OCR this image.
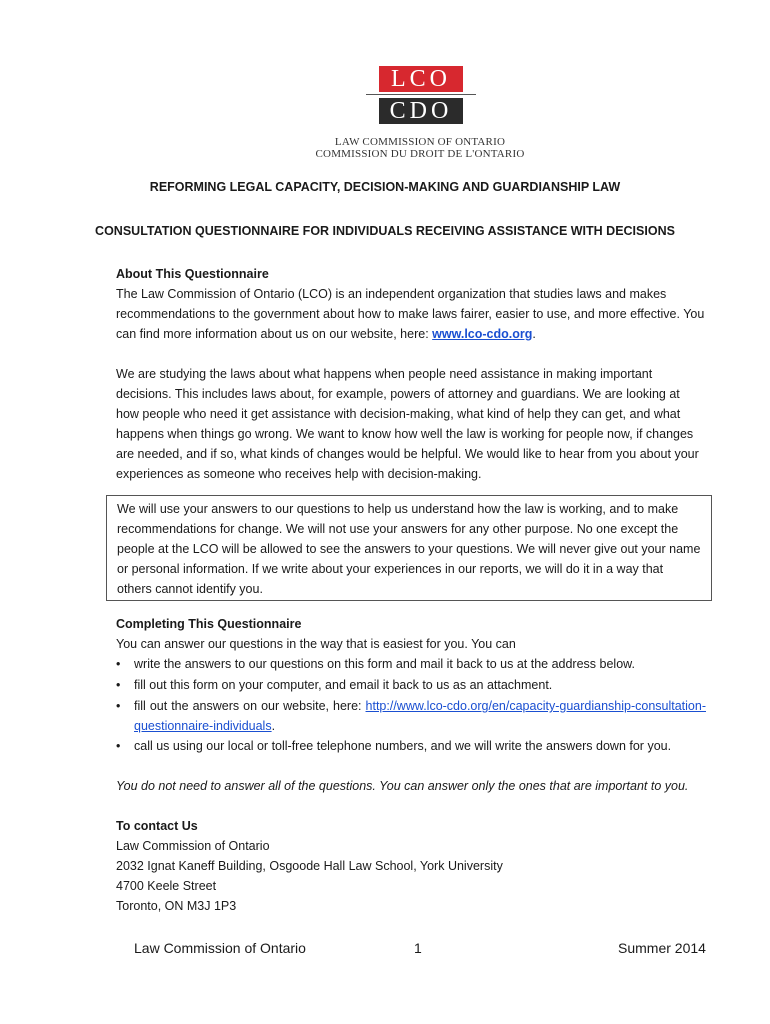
LCO
CDO
LAW COMMISSION OF ONTARIO
COMMISSION DU DROIT DE L'ONTARIO
REFORMING LEGAL CAPACITY, DECISION-MAKING AND GUARDIANSHIP LAW
CONSULTATION QUESTIONNAIRE FOR INDIVIDUALS RECEIVING ASSISTANCE WITH DECISIONS
About This Questionnaire
The Law Commission of Ontario (LCO) is an independent organization that studies laws and makes recommendations to the government about how to make laws fairer, easier to use, and more effective. You can find more information about us on our website, here: www.lco-cdo.org.
We are studying the laws about what happens when people need assistance in making important decisions. This includes laws about, for example, powers of attorney and guardians. We are looking at how people who need it get assistance with decision-making, what kind of help they can get, and what happens when things go wrong. We want to know how well the law is working for people now, if changes are needed, and if so, what kinds of changes would be helpful. We would like to hear from you about your experiences as someone who receives help with decision-making.
We will use your answers to our questions to help us understand how the law is working, and to make recommendations for change. We will not use your answers for any other purpose. No one except the people at the LCO will be allowed to see the answers to your questions. We will never give out your name or personal information. If we write about your experiences in our reports, we will do it in a way that others cannot identify you.
Completing This Questionnaire
You can answer our questions in the way that is easiest for you. You can
• write the answers to our questions on this form and mail it back to us at the address below.
• fill out this form on your computer, and email it back to us as an attachment.
• fill out the answers on our website, here: http://www.lco-cdo.org/en/capacity-guardianship-consultation-questionnaire-individuals.
• call us using our local or toll-free telephone numbers, and we will write the answers down for you.
You do not need to answer all of the questions. You can answer only the ones that are important to you.
To contact Us
Law Commission of Ontario
2032 Ignat Kaneff Building, Osgoode Hall Law School, York University
4700 Keele Street
Toronto, ON M3J 1P3
Law Commission of Ontario	1	Summer 2014
